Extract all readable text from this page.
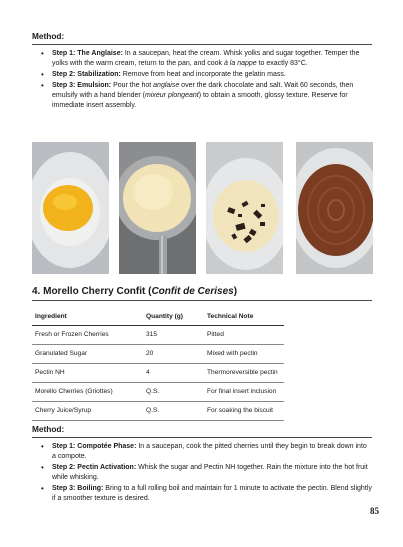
Method:
• Step 1: The Anglaise: In a saucepan, heat the cream. Whisk yolks and sugar together. Temper the yolks with the warm cream, return to the pan, and cook à la nappe to exactly 83°C.
• Step 2: Stabilization: Remove from heat and incorporate the gelatin mass.
• Step 3: Emulsion: Pour the hot anglaise over the dark chocolate and salt. Wait 60 seconds, then emulsify with a hand blender (mixeur plongeant) to obtain a smooth, glossy texture. Reserve for immediate insert assembly.
4. Morello Cherry Confit (Confit de Cerises)
Ingredient	Quantity (g)	Technical Note
Fresh or Frozen Cherries	315	Pitted
Granulated Sugar	20	Mixed with pectin
Pectin NH	4	Thermoreversible pectin
Morello Cherries (Griottes)	Q.S.	For final insert inclusion
Cherry Juice/Syrup	Q.S.	For soaking the biscuit
Method:
• Step 1: Compotée Phase: In a saucepan, cook the pitted cherries until they begin to break down into a compote.
• Step 2: Pectin Activation: Whisk the sugar and Pectin NH together. Rain the mixture into the hot fruit while whisking.
• Step 3: Boiling: Bring to a full rolling boil and maintain for 1 minute to activate the pectin. Blend slightly if a smoother texture is desired.
85
